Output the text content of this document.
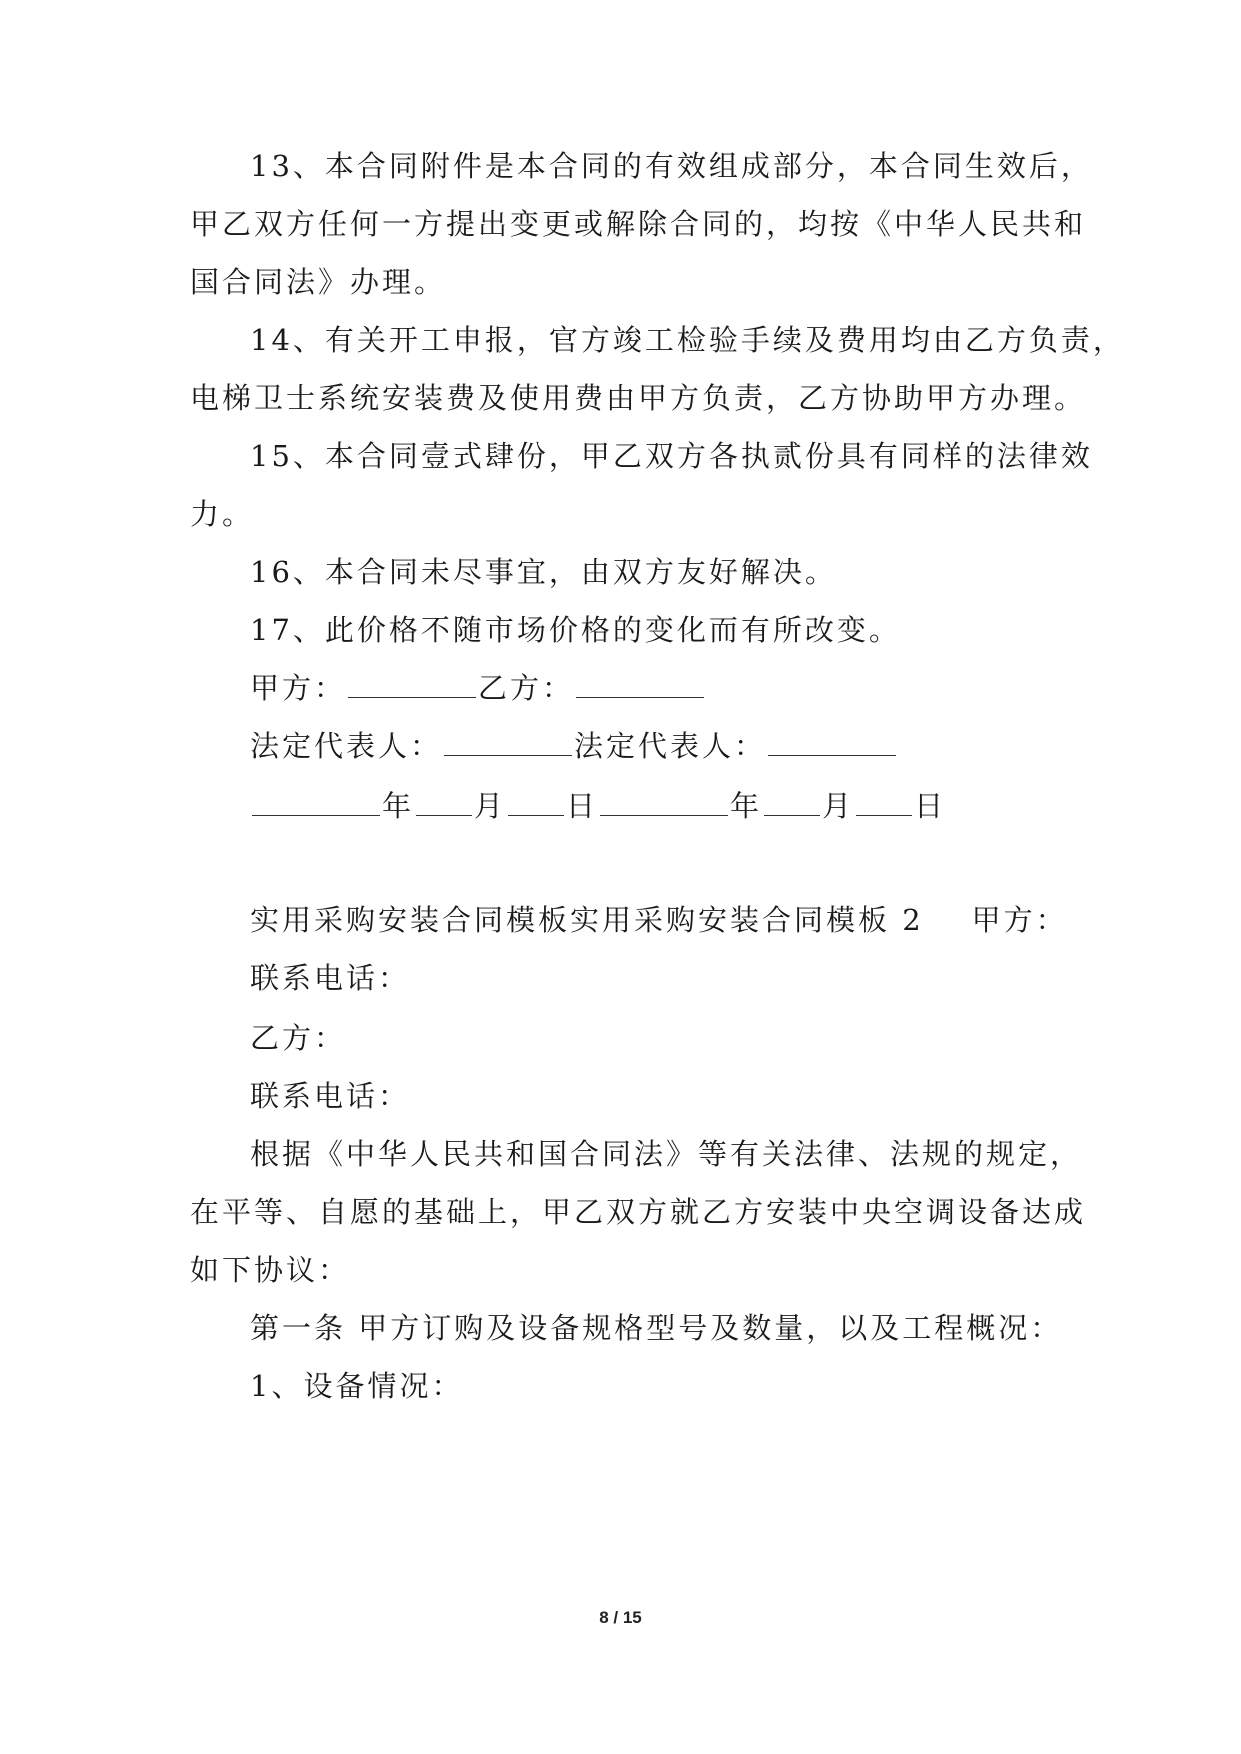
13、本合同附件是本合同的有效组成部分，本合同生效后，
甲乙双方任何一方提出变更或解除合同的，均按《中华人民共和
国合同法》办理。
14、有关开工申报，官方竣工检验手续及费用均由乙方负责，
电梯卫士系统安装费及使用费由甲方负责，乙方协助甲方办理。
15、本合同壹式肆份，甲乙双方各执贰份具有同样的法律效
力。
16、本合同未尽事宜，由双方友好解决。
17、此价格不随市场价格的变化而有所改变。
甲方：	乙方：
法定代表人：	法定代表人：
年 月 日	年 月 日
实用采购安装合同模板实用采购安装合同模板 2 甲方：
联系电话：
乙方：
联系电话：
根据《中华人民共和国合同法》等有关法律、法规的规定，
在平等、自愿的基础上，甲乙双方就乙方安装中央空调设备达成
如下协议：
第一条 甲方订购及设备规格型号及数量，以及工程概况：
1、设备情况：
8 / 15
